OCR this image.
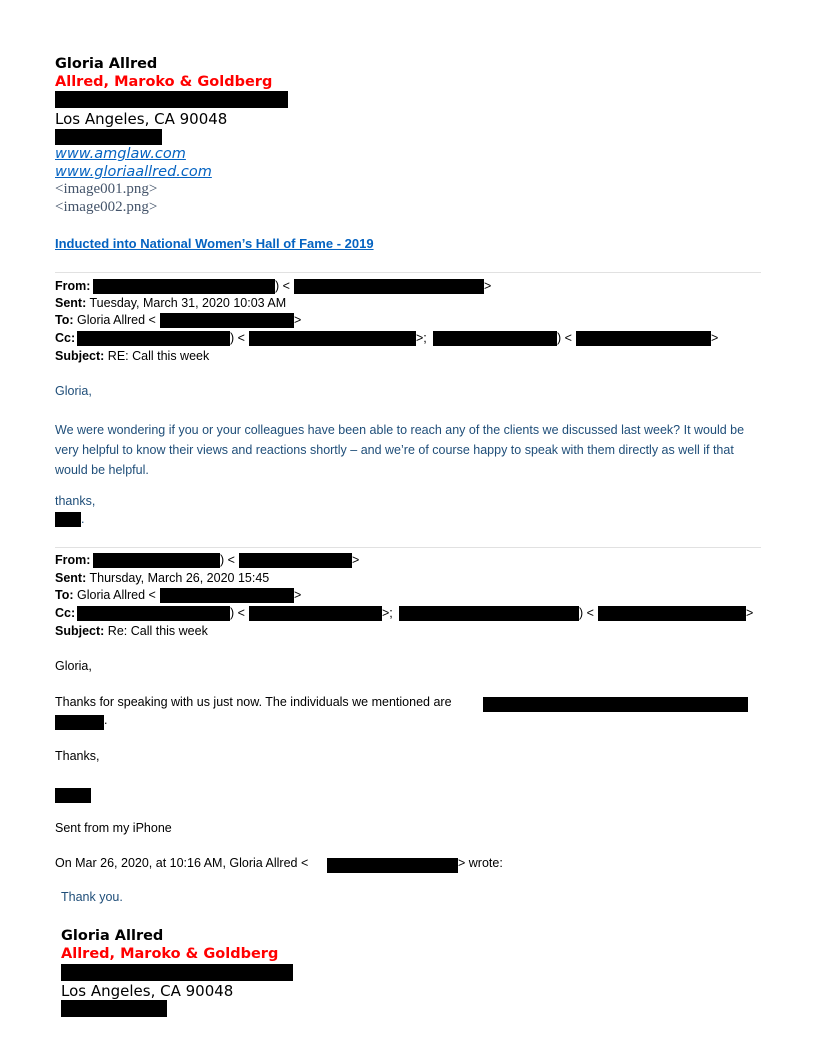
Gloria Allred
Allred, Maroko & Goldberg
Los Angeles, CA 90048
www.amglaw.com
www.gloriaallred.com
<image001.png>
<image002.png>
Inducted into National Women’s Hall of Fame - 2019
From:	) <	>
Sent: Tuesday, March 31, 2020 10:03 AM
To: Gloria Allred <	>
Cc:	) <	>;	) <	>
Subject: RE: Call this week
Gloria,
We were wondering if you or your colleagues have been able to reach any of the clients we discussed last week? It would be very helpful to know their views and reactions shortly – and we’re of course happy to speak with them directly as well if that would be helpful.
thanks,
.
From:	) <	>
Sent: Thursday, March 26, 2020 15:45
To: Gloria Allred <	>
Cc:	) <	>;	) <	>
Subject: Re: Call this week
Gloria,
Thanks for speaking with us just now. The individuals we mentioned are
.
Thanks,
Sent from my iPhone
On Mar 26, 2020, at 10:16 AM, Gloria Allred <	> wrote:
Thank you.
Gloria Allred
Allred, Maroko & Goldberg
Los Angeles, CA 90048
